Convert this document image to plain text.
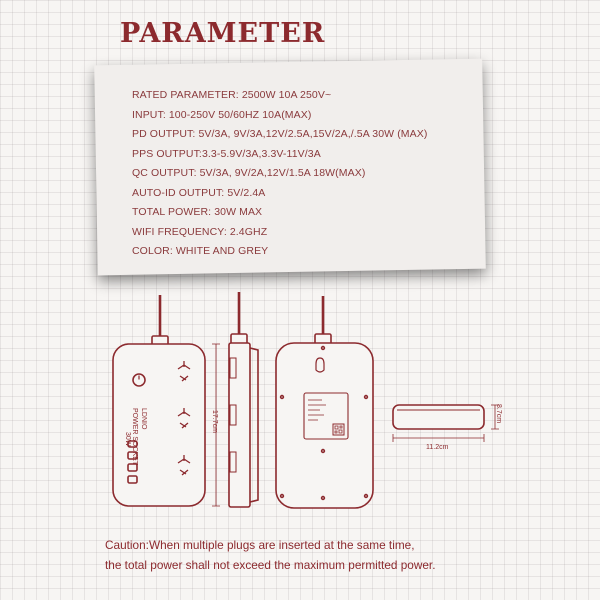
PARAMETER
RATED PARAMETER: 2500W 10A 250V~
INPUT: 100-250V 50/60HZ 10A(MAX)
PD OUTPUT: 5V/3A, 9V/3A,12V/2.5A,15V/2A,/.5A 30W (MAX)
PPS OUTPUT:3.3-5.9V/3A,3.3V-11V/3A
QC OUTPUT: 5V/3A, 9V/2A,12V/1.5A 18W(MAX)
AUTO-ID OUTPUT: 5V/2.4A
TOTAL POWER: 30W MAX
WIFI FREQUENCY: 2.4GHZ
COLOR: WHITE AND GREY
LDNIO
POWER SOCKET
30W
17.7cm
11.2cm
8.7cm
Caution:When multiple plugs are inserted at the same time,
the total power shall not exceed the maximum permitted power.
